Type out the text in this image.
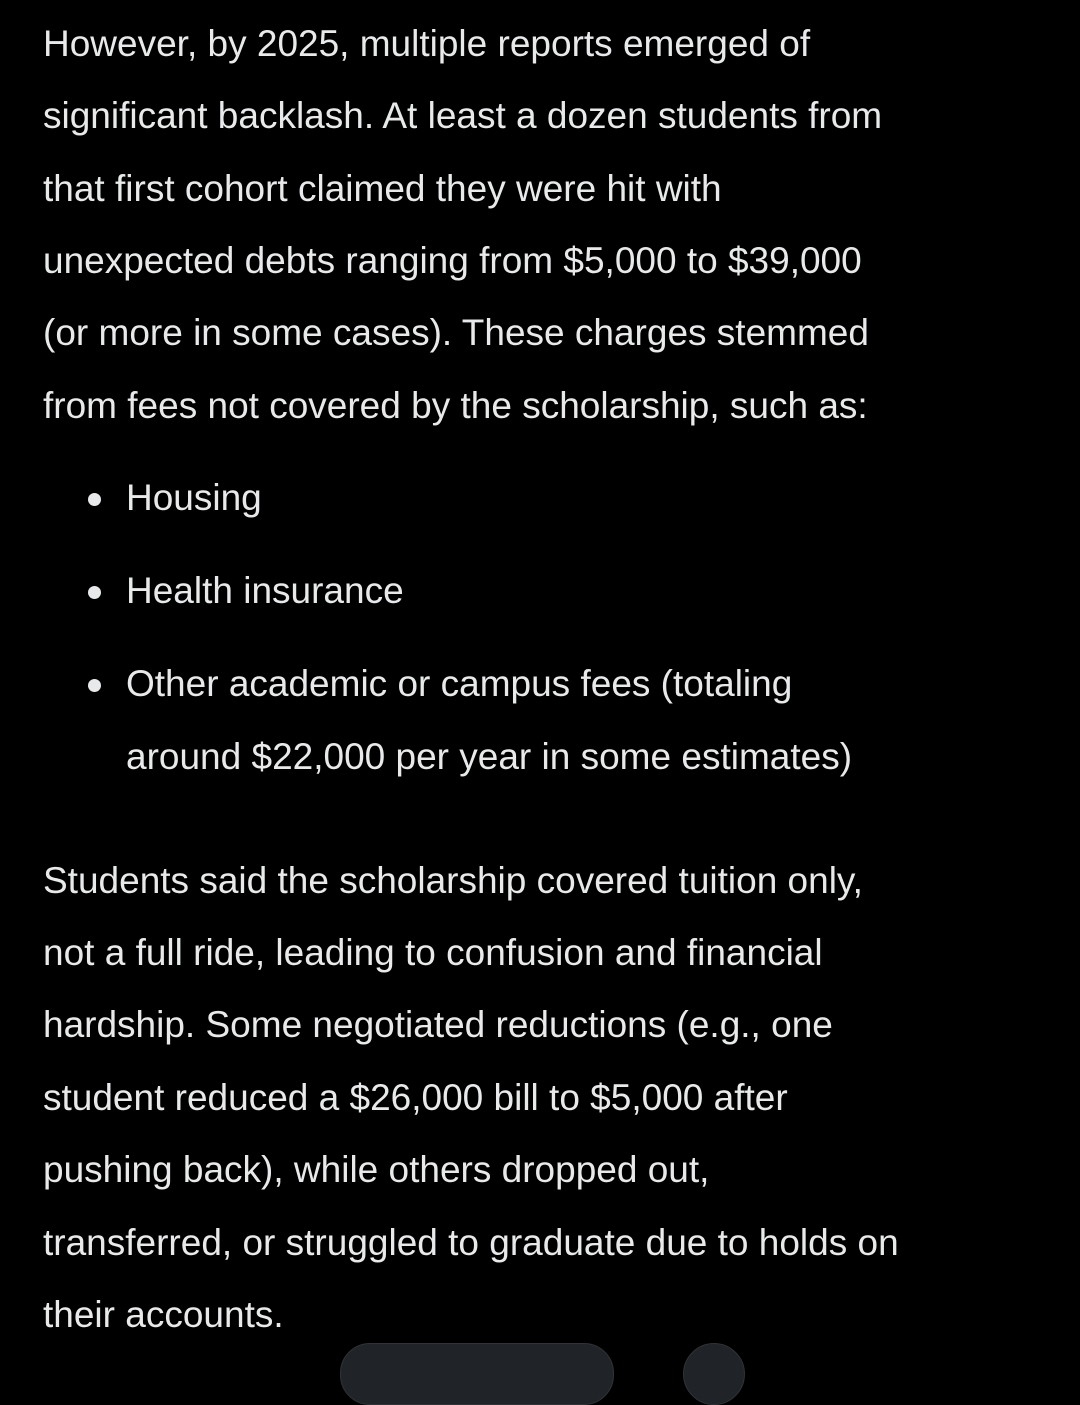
However, by 2025, multiple reports emerged of
significant backlash. At least a dozen students from
that first cohort claimed they were hit with
unexpected debts ranging from $5,000 to $39,000
(or more in some cases). These charges stemmed
from fees not covered by the scholarship, such as:
Housing
Health insurance
Other academic or campus fees (totaling
around $22,000 per year in some estimates)
Students said the scholarship covered tuition only,
not a full ride, leading to confusion and financial
hardship. Some negotiated reductions (e.g., one
student reduced a $26,000 bill to $5,000 after
pushing back), while others dropped out,
transferred, or struggled to graduate due to holds on
their accounts.
